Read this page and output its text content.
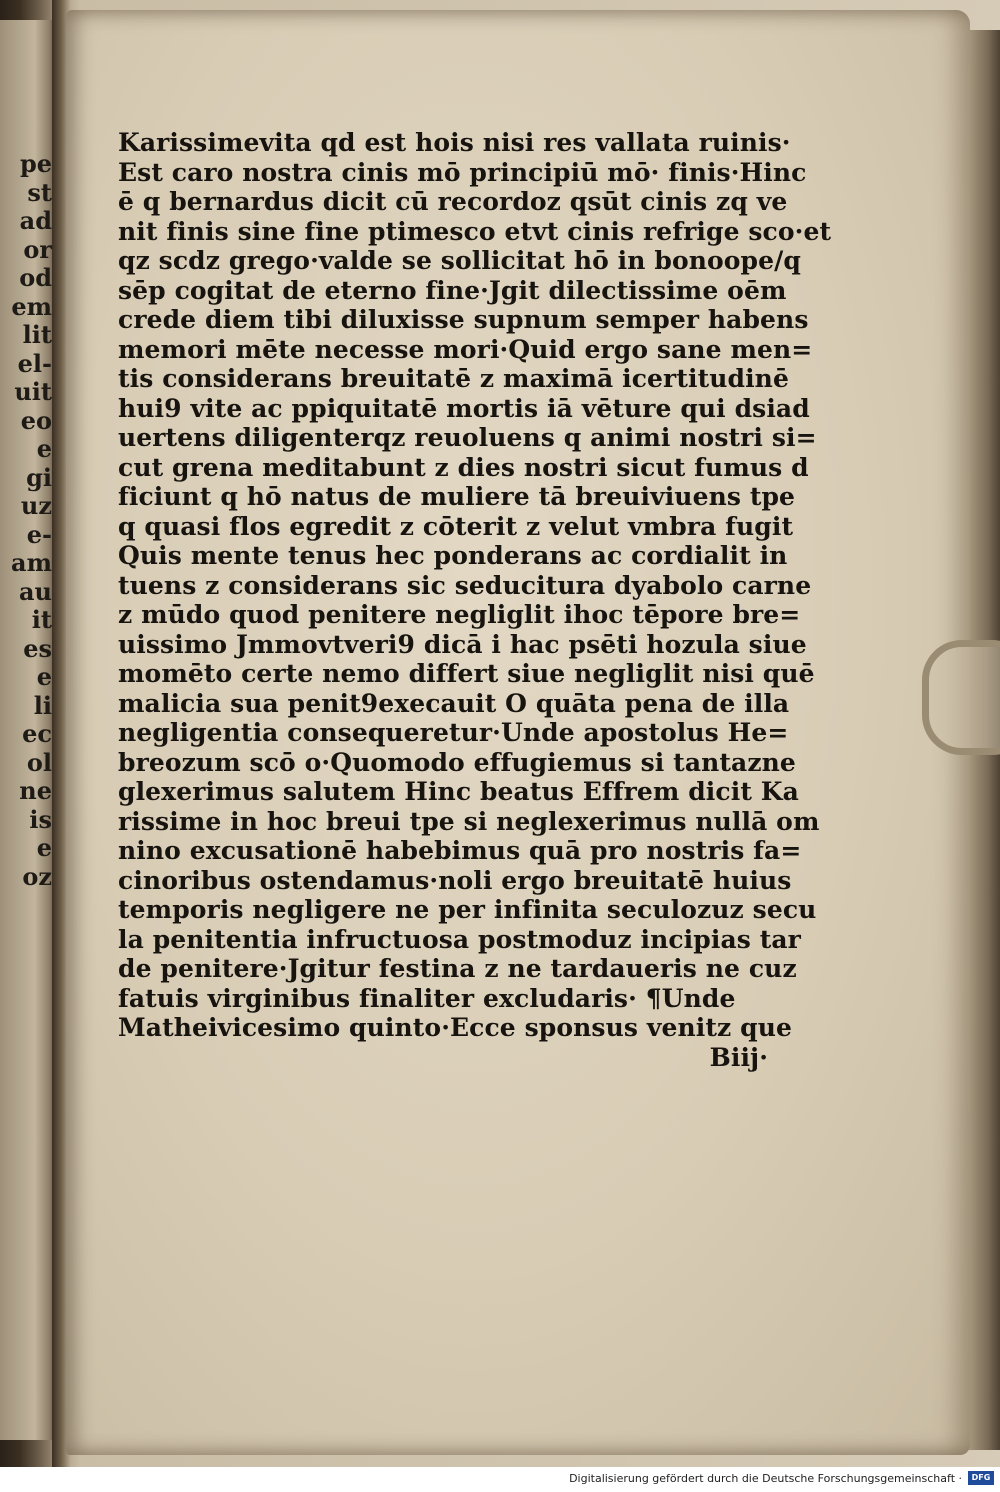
pe
st
ad
or
od
em
lit
el-
uit
eo
e
gi
uz
e-
am
au
it
es
e
li
ec
ol
ne
is
e
oz
Karissimevita qd est hois nisi res vallata ruinis·
Est caro nostra cinis mō principiū mō· finis·Hinc
ē q bernardus dicit cū recordoz qsūt cinis zq ve
nit finis sine fine ptimesco etvt cinis refrige sco·et
qz scdz grego·valde se sollicitat hō in bonoope/q
sēp cogitat de eterno fine·Jgit dilectissime oēm
crede diem tibi diluxisse supnum semper habens
memori mēte necesse mori·Quid ergo sane men=
tis considerans breuitatē z maximā icertitudinē
hui9 vite ac ppiquitatē mortis iā vēture qui dsiad
uertens diligenterqz reuoluens q animi nostri si=
cut grena meditabunt z dies nostri sicut fumus d
ficiunt q hō natus de muliere tā breuiviuens tpe
q quasi flos egredit z cōterit z velut vmbra fugit
Quis mente tenus hec ponderans ac cordialit in
tuens z considerans sic seducitura dyabolo carne
z mūdo quod penitere negliglit ihoc tēpore bre=
uissimo Jmmovtveri9 dicā i hac psēti hozula siue
momēto certe nemo differt siue negliglit nisi quē
malicia sua penit9execauit O quāta pena de illa
negligentia consequeretur·Unde apostolus He=
breozum scō o·Quomodo effugiemus si tantazne
glexerimus salutem Hinc beatus Effrem dicit Ka
rissime in hoc breui tpe si neglexerimus nullā om
nino excusationē habebimus quā pro nostris fa=
cinoribus ostendamus·noli ergo breuitatē huius
temporis negligere ne per infinita seculozuz secu
la penitentia infructuosa postmoduz incipias tar
de penitere·Jgitur festina z ne tardaueris ne cuz
fatuis virginibus finaliter excludaris· ¶Unde
Matheivicesimo quinto·Ecce sponsus venitz que
Biij·
Digitalisierung gefördert durch die Deutsche Forschungsgemeinschaft ·	DFG
